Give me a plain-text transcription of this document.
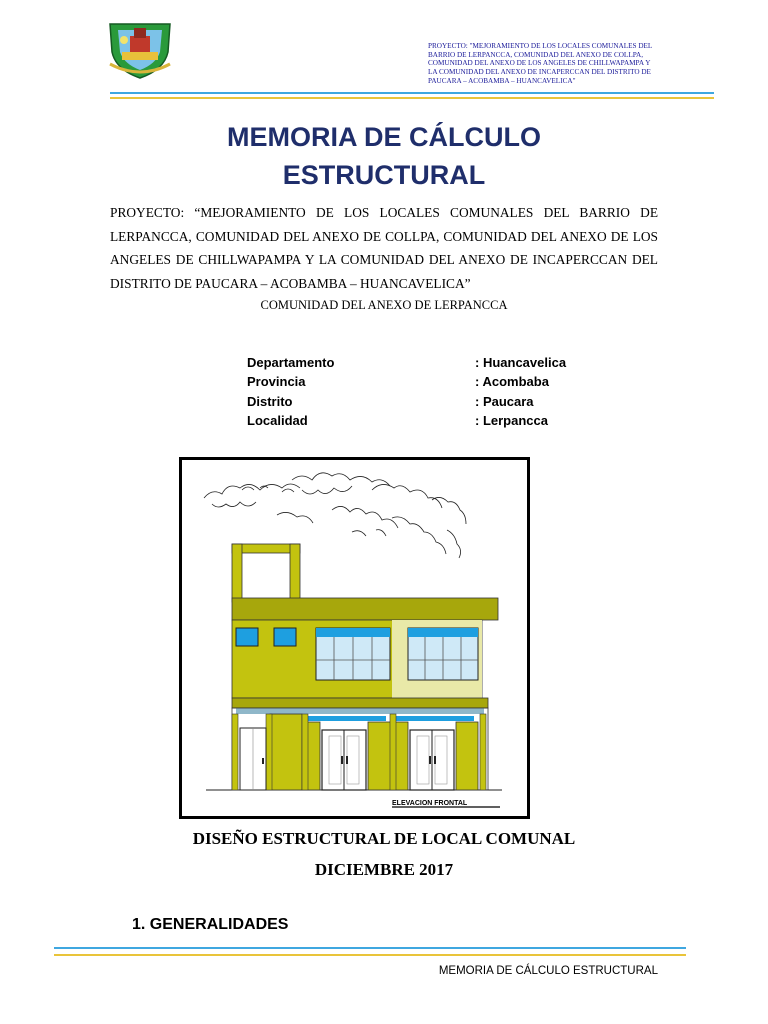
PROYECTO: "MEJORAMIENTO DE LOS LOCALES COMUNALES DEL BARRIO DE LERPANCCA, COMUNIDAD DEL ANEXO DE COLLPA, COMUNIDAD DEL ANEXO DE LOS ANGELES DE CHILLWAPAMPA Y LA COMUNIDAD DEL ANEXO DE INCAPERCCAN DEL DISTRITO DE PAUCARA – ACOBAMBA – HUANCAVELICA"
MEMORIA DE CÁLCULO
ESTRUCTURAL
PROYECTO: “MEJORAMIENTO DE LOS LOCALES COMUNALES DEL BARRIO DE LERPANCCA, COMUNIDAD DEL ANEXO DE COLLPA, COMUNIDAD DEL ANEXO DE LOS ANGELES DE CHILLWAPAMPA Y LA COMUNIDAD DEL ANEXO DE INCAPERCCAN DEL DISTRITO DE PAUCARA – ACOBAMBA – HUANCAVELICA”
COMUNIDAD DEL ANEXO DE LERPANCCA
Departamento	: Huancavelica
Provincia	: Acombaba
Distrito	: Paucara
Localidad	: Lerpancca
ELEVACION FRONTAL
DISEÑO ESTRUCTURAL DE LOCAL COMUNAL
DICIEMBRE 2017
1. GENERALIDADES
MEMORIA DE CÁLCULO ESTRUCTURAL
